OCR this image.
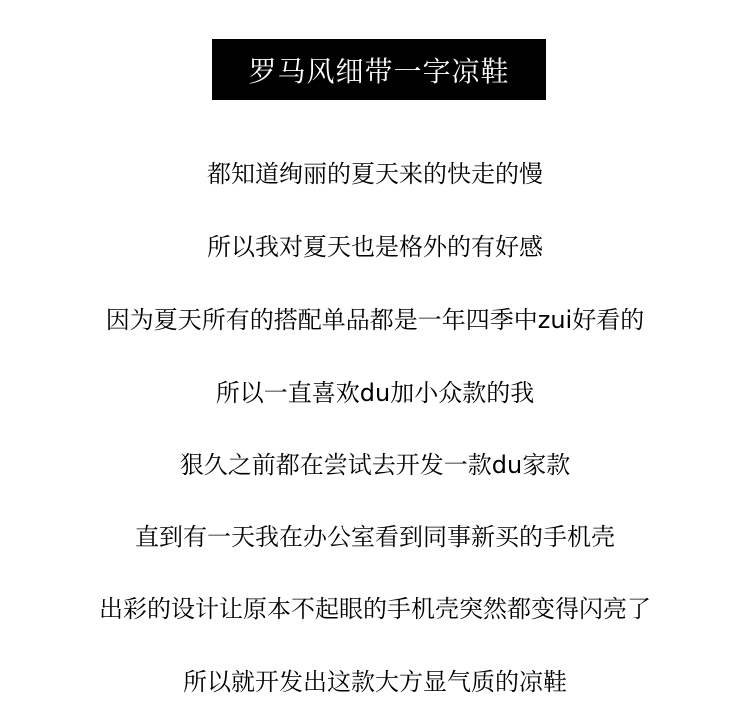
罗马风细带一字凉鞋
都知道绚丽的夏天来的快走的慢
所以我对夏天也是格外的有好感
因为夏天所有的搭配单品都是一年四季中zui好看的
所以一直喜欢du加小众款的我
狠久之前都在尝试去开发一款du家款
直到有一天我在办公室看到同事新买的手机壳
出彩的设计让原本不起眼的手机壳突然都变得闪亮了
所以就开发出这款大方显气质的凉鞋
